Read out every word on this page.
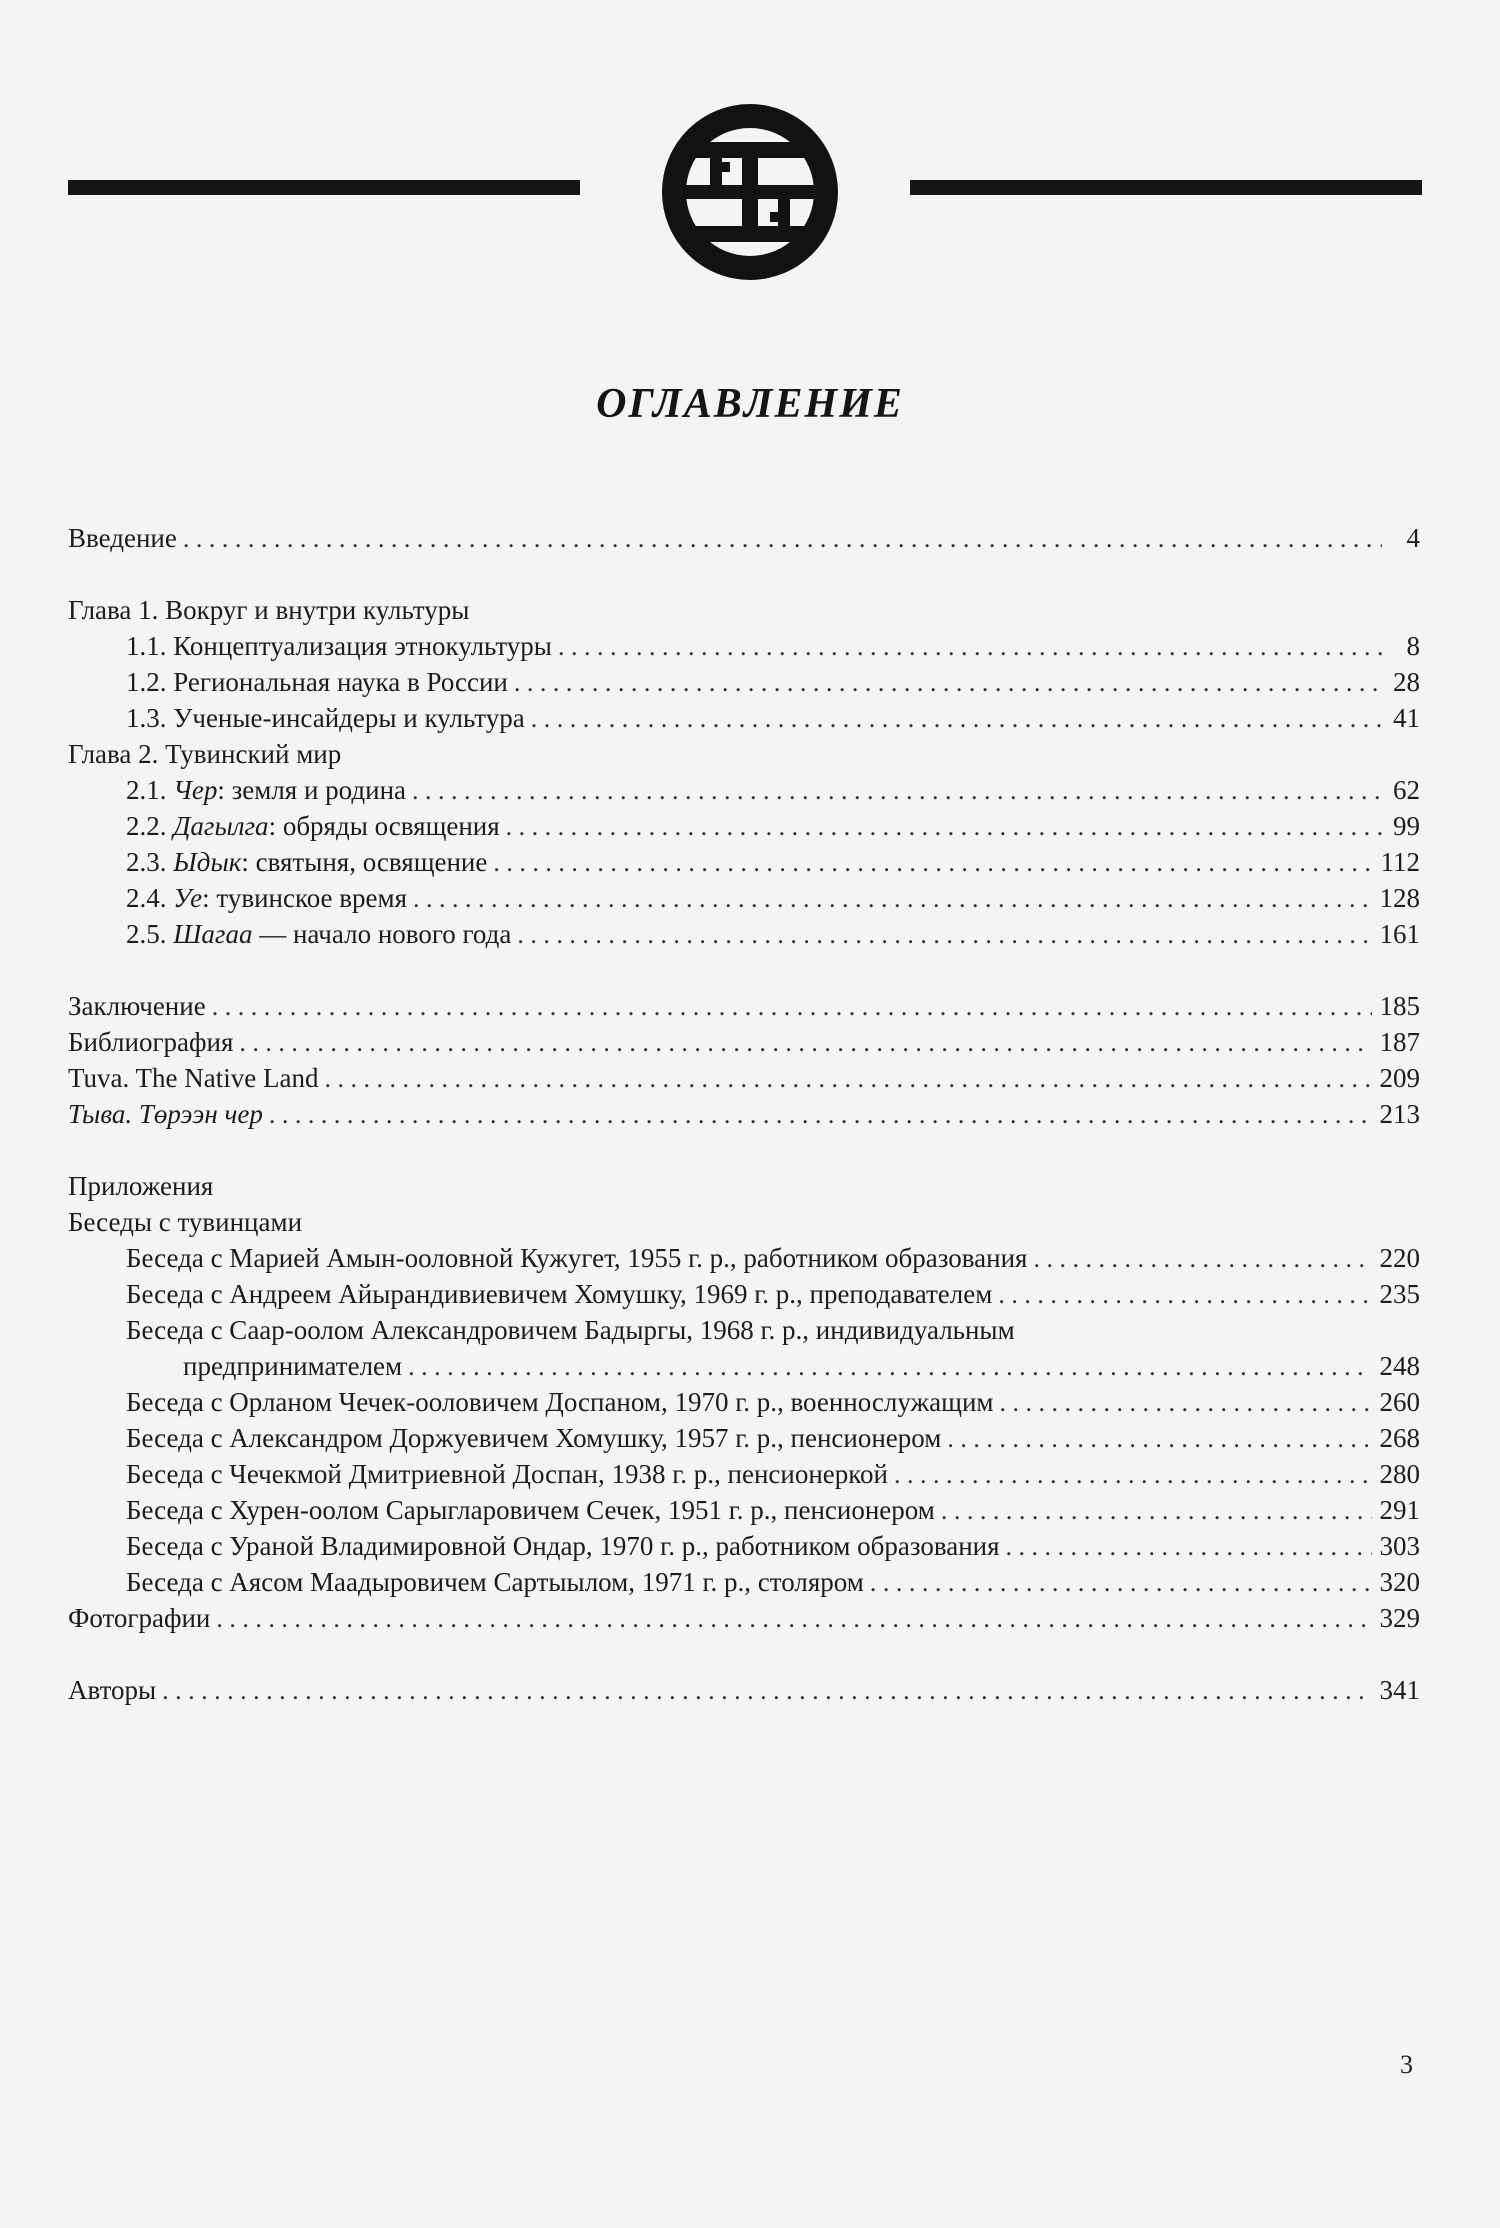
ОГЛАВЛЕНИЕ
Введение . . .	4
Глава 1. Вокруг и внутри культуры
1.1. Концептуализация этнокультуры . . .	8
1.2. Региональная наука в России . . .	28
1.3. Ученые-инсайдеры и культура . . .	41
Глава 2. Тувинский мир
2.1. Чер: земля и родина . . .	62
2.2. Дагылга: обряды освящения . . .	99
2.3. Ыдык: святыня, освящение . . .	112
2.4. Уе: тувинское время . . .	128
2.5. Шагаа — начало нового года . . .	161
Заключение . . .	185
Библиография . . .	187
Tuva. The Native Land . . .	209
Тыва. Төрээн чер . . .	213
Приложения
Беседы с тувинцами
Беседа с Марией Амын-ооловной Кужугет, 1955 г. р., работником образования . . .	220
Беседа с Андреем Айырандивиевичем Хомушку, 1969 г. р., преподавателем . . .	235
Беседа с Саар-оолом Александровичем Бадыргы, 1968 г. р., индивидуальным
предпринимателем . . .	248
Беседа с Орланом Чечек-ооловичем Доспаном, 1970 г. р., военнослужащим . . .	260
Беседа с Александром Доржуевичем Хомушку, 1957 г. р., пенсионером . . .	268
Беседа с Чечекмой Дмитриевной Доспан, 1938 г. р., пенсионеркой . . .	280
Беседа с Хурен-оолом Сарыглаpовичем Сечек, 1951 г. р., пенсионером . . .	291
Беседа с Ураной Владимировной Ондар, 1970 г. р., работником образования . . .	303
Беседа с Аясом Маадыровичем Сартыылом, 1971 г. р., столяром . . .	320
Фотографии . . .	329
Авторы . . .	341
3
